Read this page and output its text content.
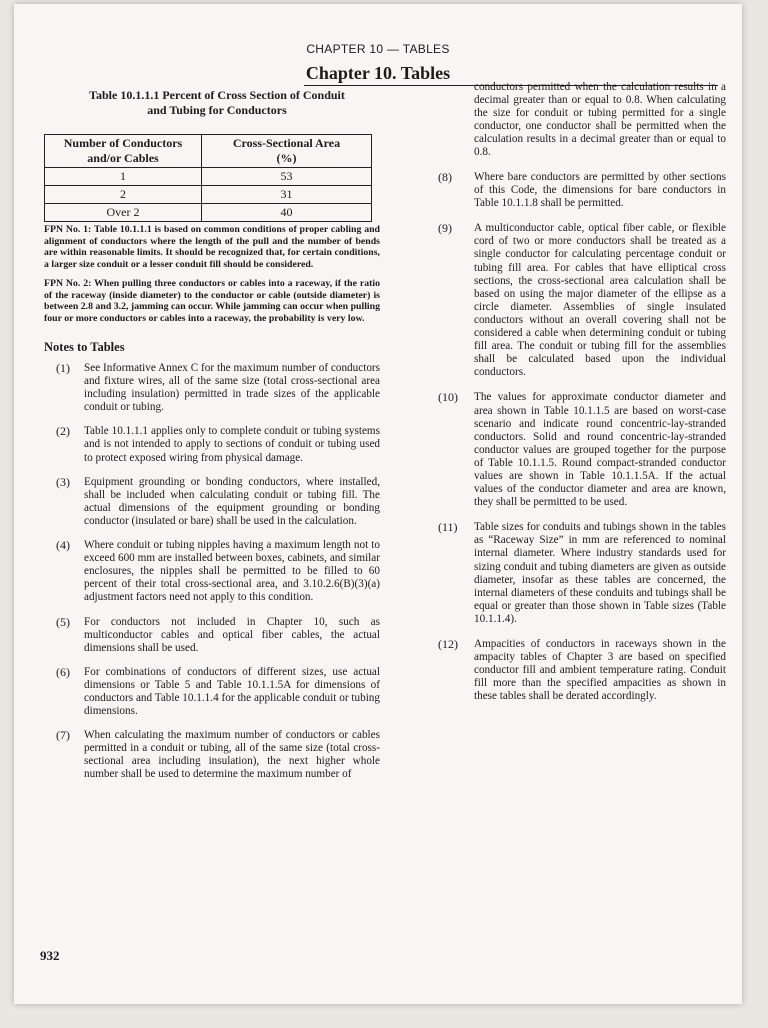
CHAPTER 10 — TABLES
Chapter 10. Tables
Table 10.1.1.1 Percent of Cross Section of Conduit
and Tubing for Conductors
Number of Conductors
and/or Cables	Cross-Sectional Area
(%)
1	53
2	31
Over 2	40

FPN No. 1: Table 10.1.1.1 is based on common conditions of proper cabling and alignment of conductors where the length of the pull and the number of bends are within reasonable limits. It should be recognized that, for certain conditions, a larger size conduit or a lesser conduit fill should be considered.

FPN No. 2: When pulling three conductors or cables into a raceway, if the ratio of the raceway (inside diameter) to the conductor or cable (outside diameter) is between 2.8 and 3.2, jamming can occur. While jamming can occur when pulling four or more conductors or cables into a raceway, the probability is very low.

Notes to Tables
(1)	See Informative Annex C for the maximum number of conductors and fixture wires, all of the same size (total cross-sectional area including insulation) permitted in trade sizes of the applicable conduit or tubing.
(2)	Table 10.1.1.1 applies only to complete conduit or tubing systems and is not intended to apply to sections of conduit or tubing used to protect exposed wiring from physical damage.
(3)	Equipment grounding or bonding conductors, where installed, shall be included when calculating conduit or tubing fill. The actual dimensions of the equipment grounding or bonding conductor (insulated or bare) shall be used in the calculation.
(4)	Where conduit or tubing nipples having a maximum length not to exceed 600 mm are installed between boxes, cabinets, and similar enclosures, the nipples shall be permitted to be filled to 60 percent of their total cross-sectional area, and 3.10.2.6(B)(3)(a) adjustment factors need not apply to this condition.
(5)	For conductors not included in Chapter 10, such as multiconductor cables and optical fiber cables, the actual dimensions shall be used.
(6)	For combinations of conductors of different sizes, use actual dimensions or Table 5 and Table 10.1.1.5A for dimensions of conductors and Table 10.1.1.4 for the applicable conduit or tubing dimensions.
(7)	When calculating the maximum number of conductors or cables permitted in a conduit or tubing, all of the same size (total cross-sectional area including insulation), the next higher whole number shall be used to determine the maximum number of
conductors permitted when the calculation results in a decimal greater than or equal to 0.8. When calculating the size for conduit or tubing permitted for a single conductor, one conductor shall be permitted when the calculation results in a decimal greater than or equal to 0.8.
(8)	Where bare conductors are permitted by other sections of this Code, the dimensions for bare conductors in Table 10.1.1.8 shall be permitted.
(9)	A multiconductor cable, optical fiber cable, or flexible cord of two or more conductors shall be treated as a single conductor for calculating percentage conduit or tubing fill area. For cables that have elliptical cross sections, the cross-sectional area calculation shall be based on using the major diameter of the ellipse as a circle diameter. Assemblies of single insulated conductors without an overall covering shall not be considered a cable when determining conduit or tubing fill area. The conduit or tubing fill for the assemblies shall be calculated based upon the individual conductors.
(10)	The values for approximate conductor diameter and area shown in Table 10.1.1.5 are based on worst-case scenario and indicate round concentric-lay-stranded conductors. Solid and round concentric-lay-stranded conductor values are grouped together for the purpose of Table 10.1.1.5. Round compact-stranded conductor values are shown in Table 10.1.1.5A. If the actual values of the conductor diameter and area are known, they shall be permitted to be used.
(11)	Table sizes for conduits and tubings shown in the tables as “Raceway Size” in mm are referenced to nominal internal diameter. Where industry standards used for sizing conduit and tubing diameters are given as outside diameter, insofar as these tables are concerned, the internal diameters of these conduits and tubings shall be equal or greater than those shown in Table sizes (Table 10.1.1.4).
(12)	Ampacities of conductors in raceways shown in the ampacity tables of Chapter 3 are based on specified conductor fill and ambient temperature rating. Conduit fill more than the specified ampacities as shown in these tables shall be derated accordingly.
932
